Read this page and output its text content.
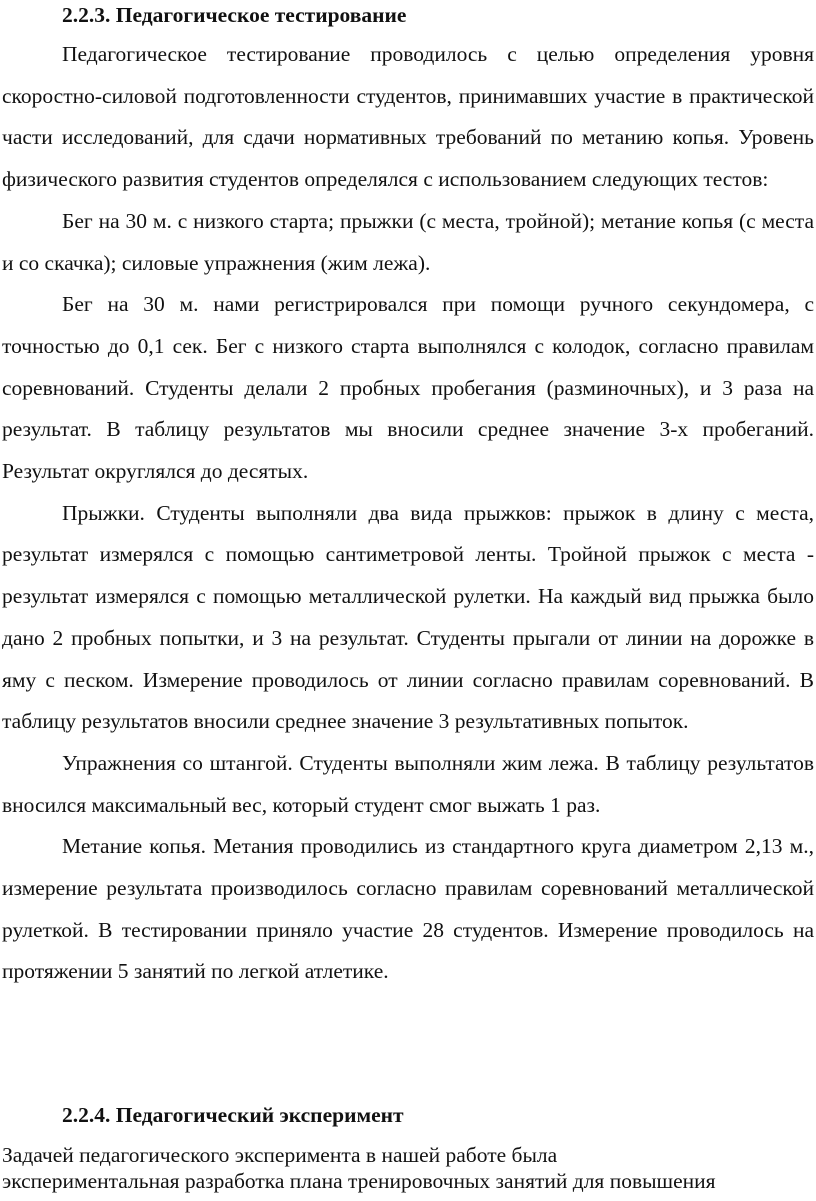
2.2.3. Педагогическое тестирование

Педагогическое тестирование проводилось с целью определения уровня скоростно-силовой подготовленности студентов, принимавших участие в практической части исследований, для сдачи нормативных требований по метанию копья. Уровень физического развития студентов определялся с использованием следующих тестов:

Бег на 30 м. с низкого старта; прыжки (с места, тройной); метание копья (с места и со скачка); силовые упражнения (жим лежа).

Бег на 30 м. нами регистрировался при помощи ручного секундомера, с точностью до 0,1 сек. Бег с низкого старта выполнялся с колодок, согласно правилам соревнований. Студенты делали 2 пробных пробегания (разминочных), и 3 раза на результат. В таблицу результатов мы вносили среднее значение 3-х пробеганий. Результат округлялся до десятых.

Прыжки. Студенты выполняли два вида прыжков: прыжок в длину с места, результат измерялся с помощью сантиметровой ленты. Тройной прыжок с места - результат измерялся с помощью металлической рулетки. На каждый вид прыжка было дано 2 пробных попытки, и 3 на результат. Студенты прыгали от линии на дорожке в яму с песком. Измерение проводилось от линии согласно правилам соревнований. В таблицу результатов вносили среднее значение 3 результативных попыток.

Упражнения со штангой. Студенты выполняли жим лежа. В таблицу результатов вносился максимальный вес, который студент смог выжать 1 раз.

Метание копья. Метания проводились из стандартного круга диаметром 2,13 м., измерение результата производилось согласно правилам соревнований металлической рулеткой. В тестировании приняло участие 28 студентов. Измерение проводилось на протяжении 5 занятий по легкой атлетике.

2.2.4. Педагогический эксперимент

Задачей педагогического эксперимента в нашей работе была

экспериментальная разработка плана тренировочных занятий для повышения
